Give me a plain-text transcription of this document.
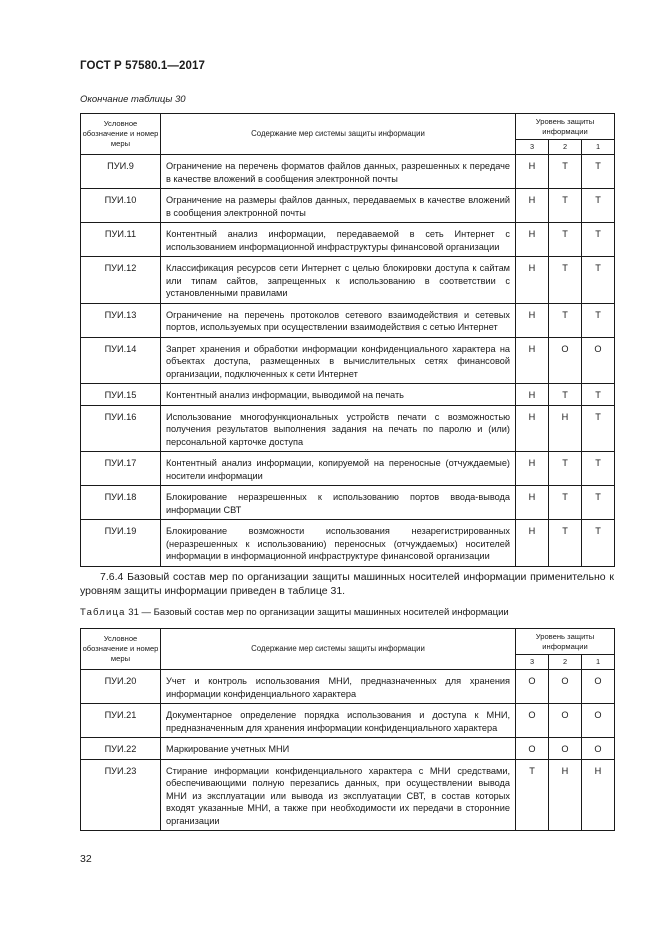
ГОСТ Р 57580.1—2017
Окончание таблицы 30
Условное обозначение и номер меры	Содержание мер системы защиты информации	Уровень защиты информации		
		3	2	1
ПУИ.9	Ограничение на перечень форматов файлов данных, разрешенных к передаче в качестве вложений в сообщения электронной почты	Н	Т	Т
ПУИ.10	Ограничение на размеры файлов данных, передаваемых в качестве вложений в сообщения электронной почты	Н	Т	Т
ПУИ.11	Контентный анализ информации, передаваемой в сеть Интернет с использованием информационной инфраструктуры финансовой организации	Н	Т	Т
ПУИ.12	Классификация ресурсов сети Интернет с целью блокировки доступа к сайтам или типам сайтов, запрещенных к использованию в соответствии с установленными правилами	Н	Т	Т
ПУИ.13	Ограничение на перечень протоколов сетевого взаимодействия и сетевых портов, используемых при осуществлении взаимодействия с сетью Интернет	Н	Т	Т
ПУИ.14	Запрет хранения и обработки информации конфиденциального характера на объектах доступа, размещенных в вычислительных сетях финансовой организации, подключенных к сети Интернет	Н	О	О
ПУИ.15	Контентный анализ информации, выводимой на печать	Н	Т	Т
ПУИ.16	Использование многофункциональных устройств печати с возможностью получения результатов выполнения задания на печать по паролю и (или) персональной карточке доступа	Н	Н	Т
ПУИ.17	Контентный анализ информации, копируемой на переносные (отчуждаемые) носители информации	Н	Т	Т
ПУИ.18	Блокирование неразрешенных к использованию портов ввода-вывода информации СВТ	Н	Т	Т
ПУИ.19	Блокирование возможности использования незарегистрированных (неразрешенных к использованию) переносных (отчуждаемых) носителей информации в информационной инфраструктуре финансовой организации	Н	Т	Т
7.6.4 Базовый состав мер по организации защиты машинных носителей информации применительно к уровням защиты информации приведен в таблице 31.
Таблица 31 — Базовый состав мер по организации защиты машинных носителей информации
Условное обозначение и номер меры	Содержание мер системы защиты информации	Уровень защиты информации		
		3	2	1
ПУИ.20	Учет и контроль использования МНИ, предназначенных для хранения информации конфиденциального характера	О	О	О
ПУИ.21	Документарное определение порядка использования и доступа к МНИ, предназначенным для хранения информации конфиденциального характера	О	О	О
ПУИ.22	Маркирование учетных МНИ	О	О	О
ПУИ.23	Стирание информации конфиденциального характера с МНИ средствами, обеспечивающими полную перезапись данных, при осуществлении вывода МНИ из эксплуатации или вывода из эксплуатации СВТ, в состав которых входят указанные МНИ, а также при необходимости их передачи в сторонние организации	Т	Н	Н
32
